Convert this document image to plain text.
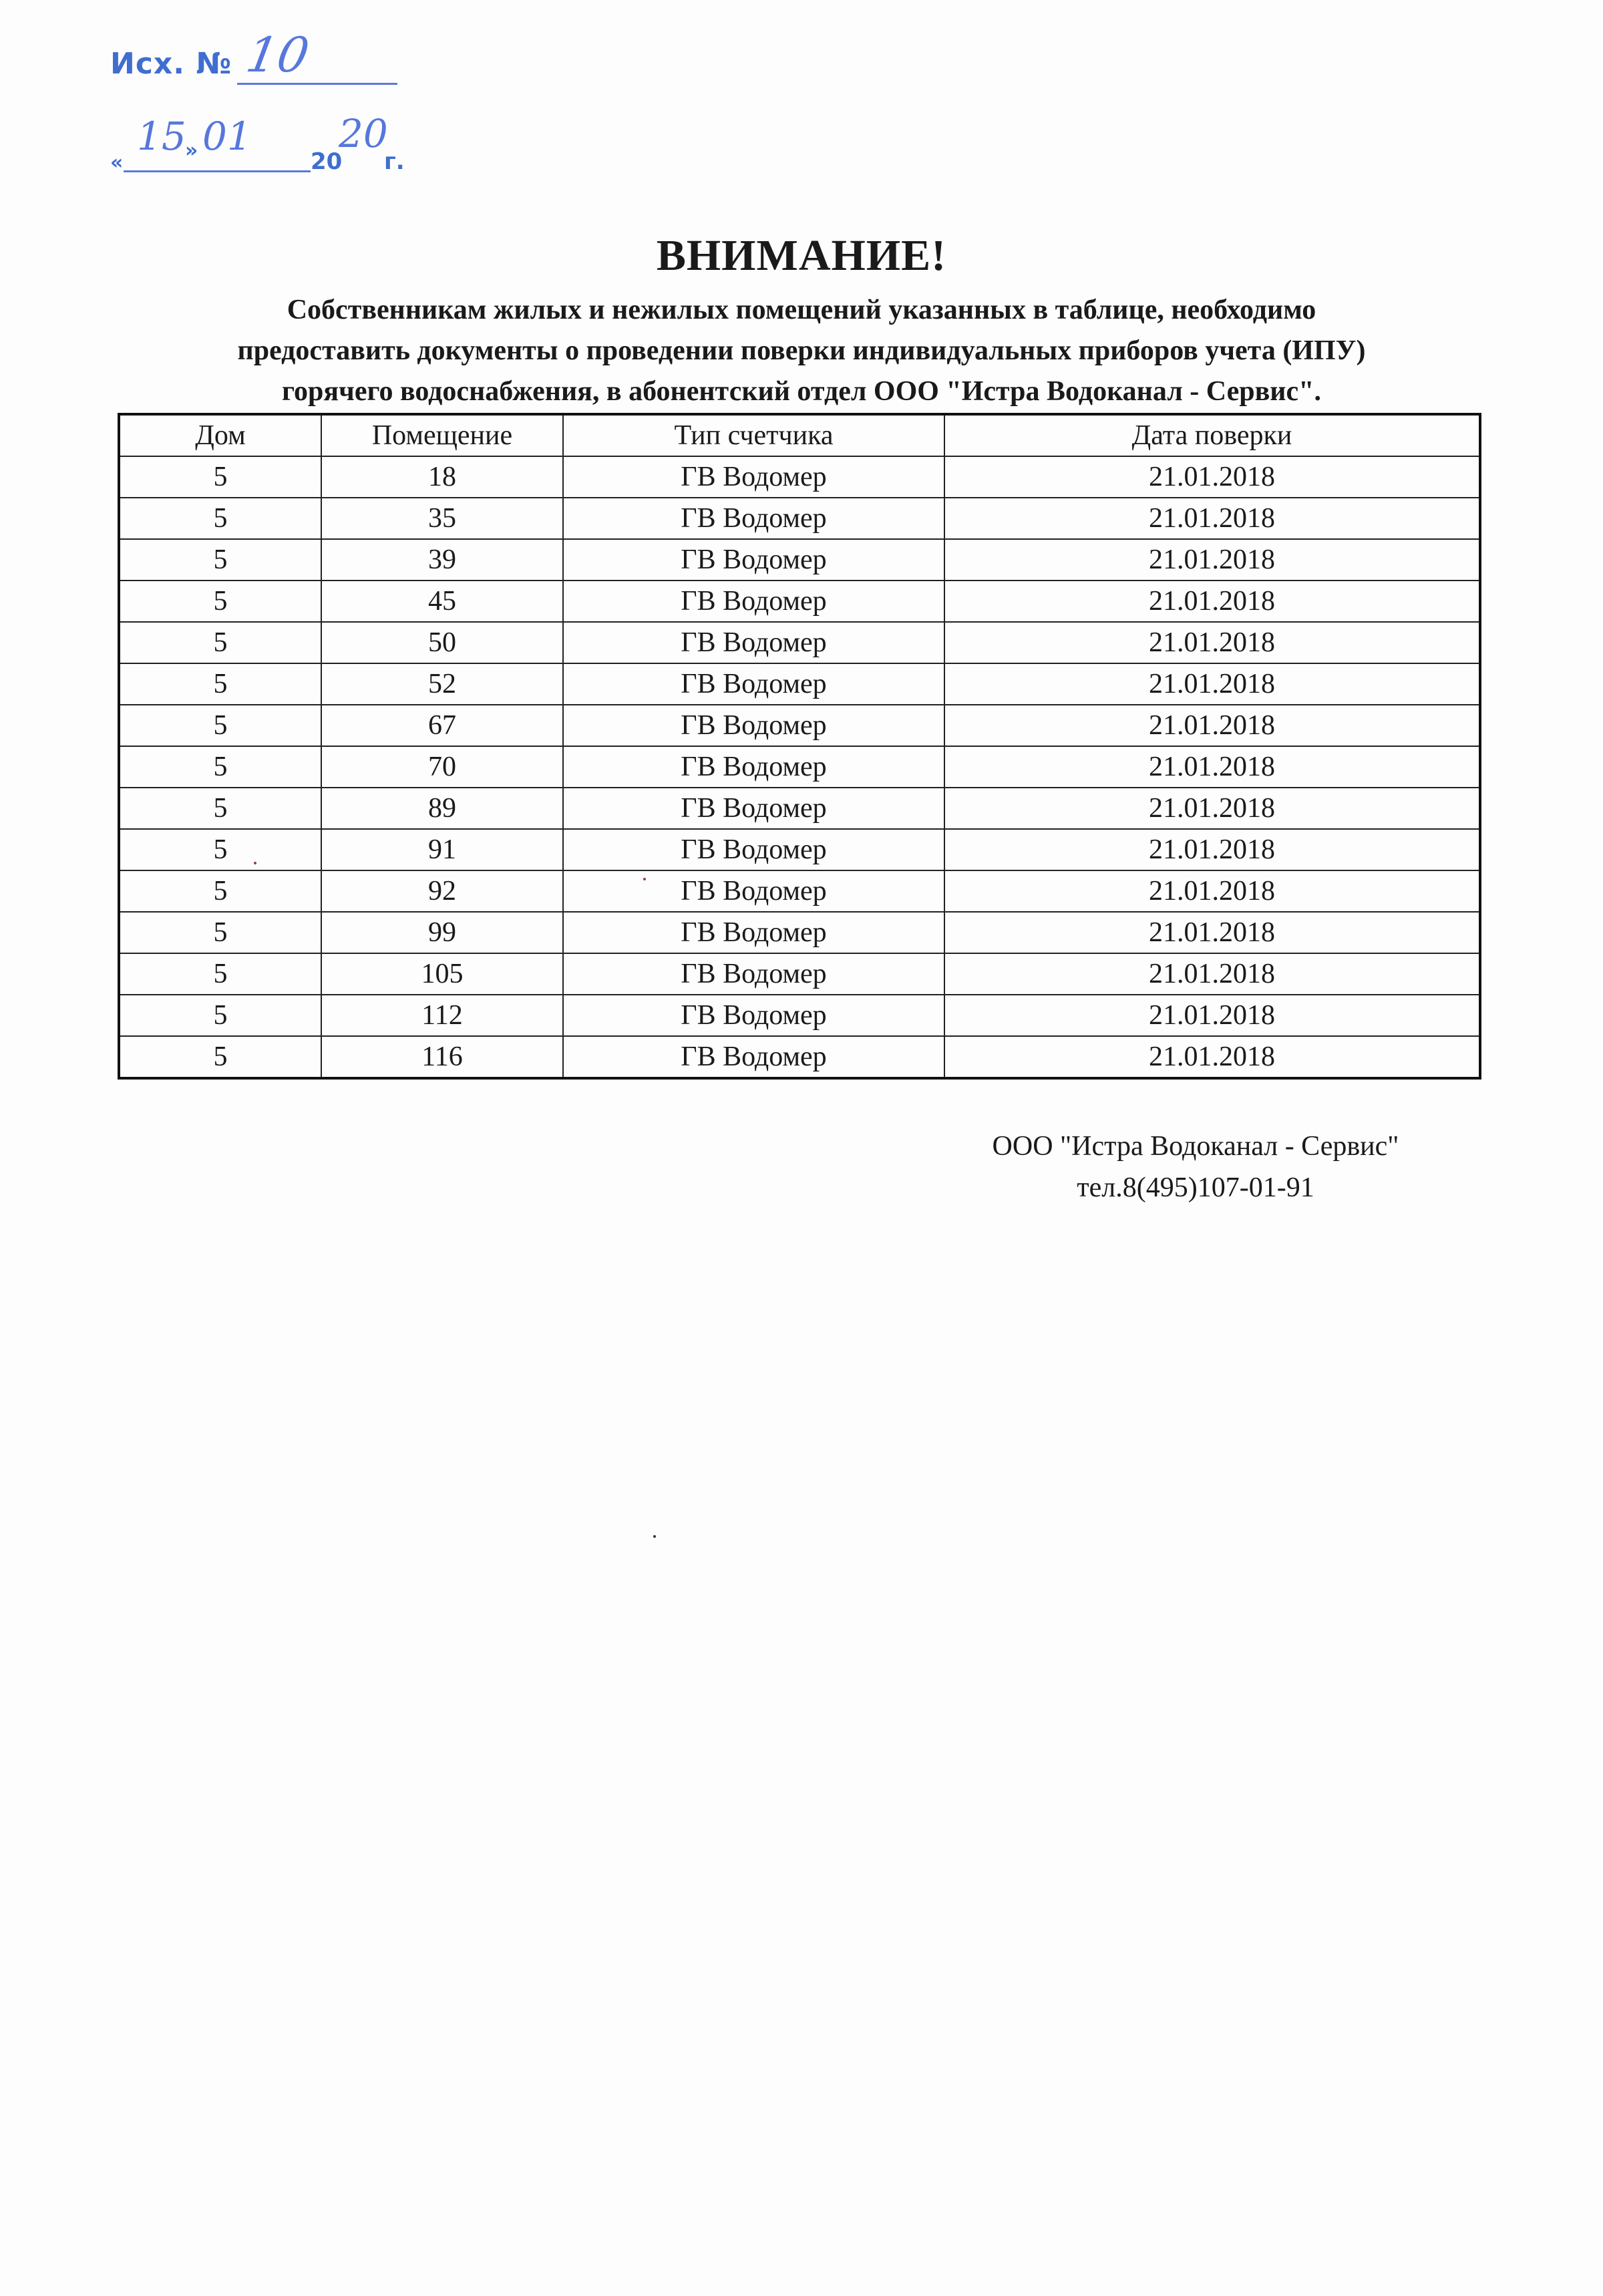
Исх. № 10
«	20 г.
15 01 20
»
ВНИМАНИЕ!
Собственникам жилых и нежилых помещений указанных в таблице, необходимо
предоставить документы о проведении поверки индивидуальных приборов учета (ИПУ)
горячего водоснабжения, в абонентский отдел ООО "Истра Водоканал - Сервис".
Дом	Помещение	Тип счетчика	Дата поверки
5	18	ГВ Водомер	21.01.2018
5	35	ГВ Водомер	21.01.2018
5	39	ГВ Водомер	21.01.2018
5	45	ГВ Водомер	21.01.2018
5	50	ГВ Водомер	21.01.2018
5	52	ГВ Водомер	21.01.2018
5	67	ГВ Водомер	21.01.2018
5	70	ГВ Водомер	21.01.2018
5	89	ГВ Водомер	21.01.2018
5	91	ГВ Водомер	21.01.2018
5	92	ГВ Водомер	21.01.2018
5	99	ГВ Водомер	21.01.2018
5	105	ГВ Водомер	21.01.2018
5	112	ГВ Водомер	21.01.2018
5	116	ГВ Водомер	21.01.2018
ООО "Истра Водоканал - Сервис"
тел.8(495)107-01-91
